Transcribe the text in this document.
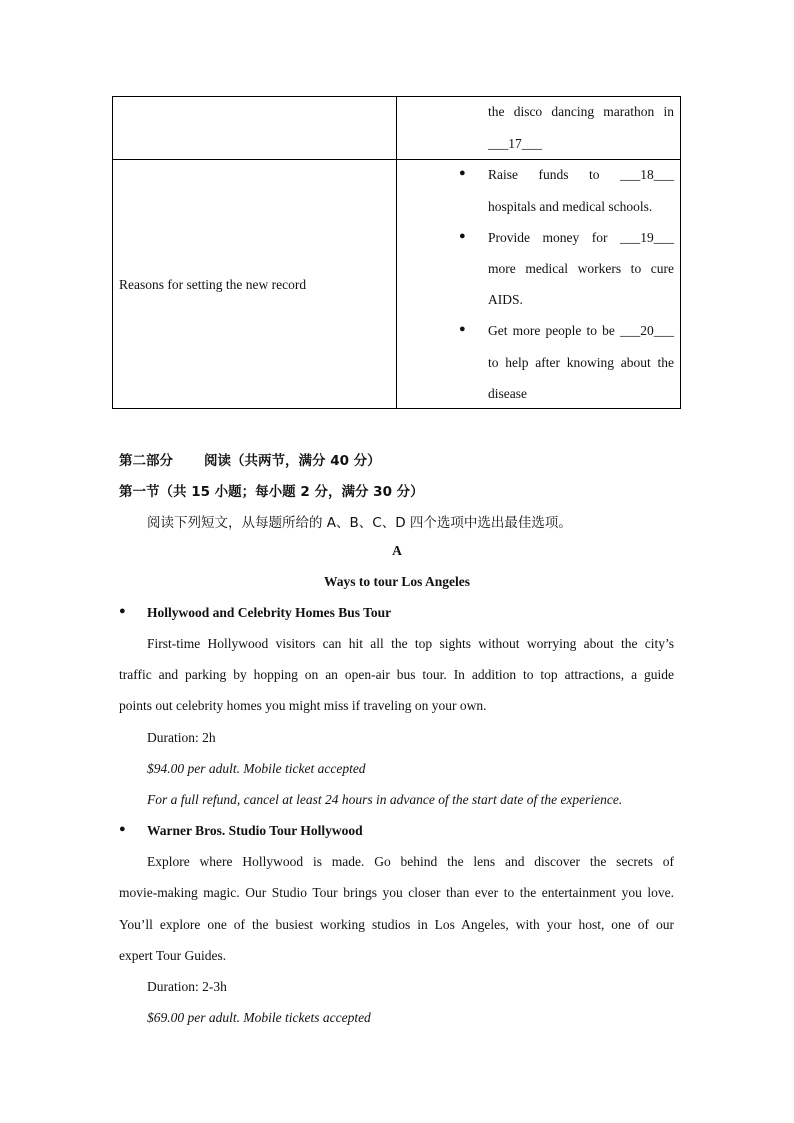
the disco dancing marathon in
___17___
Reasons for setting the new record
● Raise funds to ___18___
hospitals and medical schools.
● Provide money for ___19___
more medical workers to cure
AIDS.
● Get more people to be ___20___
to help after knowing about the
disease
第二部分 阅读（共两节，满分 40 分）
第一节（共 15 小题；每小题 2 分，满分 30 分）
阅读下列短文，从每题所给的 A、B、C、D 四个选项中选出最佳选项。
A
Ways to tour Los Angeles
● Hollywood and Celebrity Homes Bus Tour
First-time Hollywood visitors can hit all the top sights without worrying about the city’s
traffic and parking by hopping on an open-air bus tour. In addition to top attractions, a guide
points out celebrity homes you might miss if traveling on your own.
Duration: 2h
$94.00 per adult. Mobile ticket accepted
For a full refund, cancel at least 24 hours in advance of the start date of the experience.
● Warner Bros. Studio Tour Hollywood
Explore where Hollywood is made. Go behind the lens and discover the secrets of
movie-making magic. Our Studio Tour brings you closer than ever to the entertainment you love.
You’ll explore one of the busiest working studios in Los Angeles, with your host, one of our
expert Tour Guides.
Duration: 2-3h
$69.00 per adult. Mobile tickets accepted
